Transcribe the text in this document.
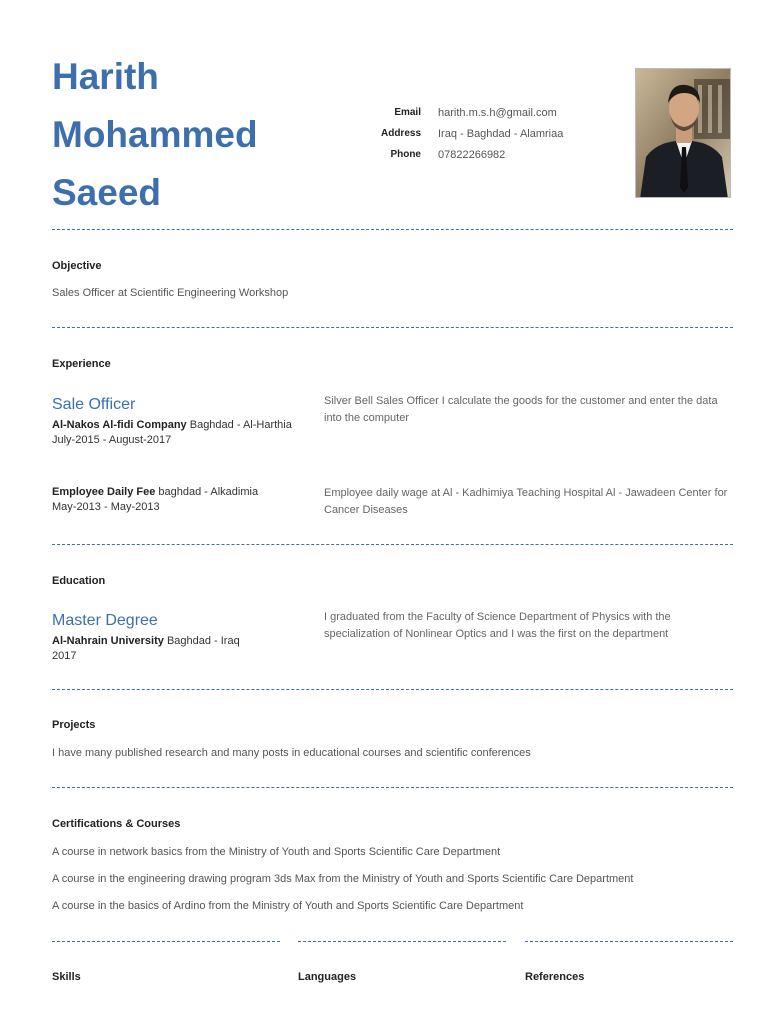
Harith
Mohammed
Saeed
Email harith.m.s.h@gmail.com
Address Iraq - Baghdad - Alamriaa
Phone 07822266982
Objective
Sales Officer at Scientific Engineering Workshop
Experience
Sale Officer
Al-Nakos Al-fidi Company Baghdad - Al-Harthia
July-2015 - August-2017
Silver Bell Sales Officer I calculate the goods for the customer and enter the data into the computer
Employee Daily Fee baghdad - Alkadimia
May-2013 - May-2013
Employee daily wage at Al - Kadhimiya Teaching Hospital Al - Jawadeen Center for Cancer Diseases
Education
Master Degree
Al-Nahrain University Baghdad - Iraq
2017
I graduated from the Faculty of Science Department of Physics with the specialization of Nonlinear Optics and I was the first on the department
Projects
I have many published research and many posts in educational courses and scientific conferences
Certifications & Courses
A course in network basics from the Ministry of Youth and Sports Scientific Care Department
A course in the engineering drawing program 3ds Max from the Ministry of Youth and Sports Scientific Care Department
A course in the basics of Ardino from the Ministry of Youth and Sports Scientific Care Department
Skills	Languages	References
